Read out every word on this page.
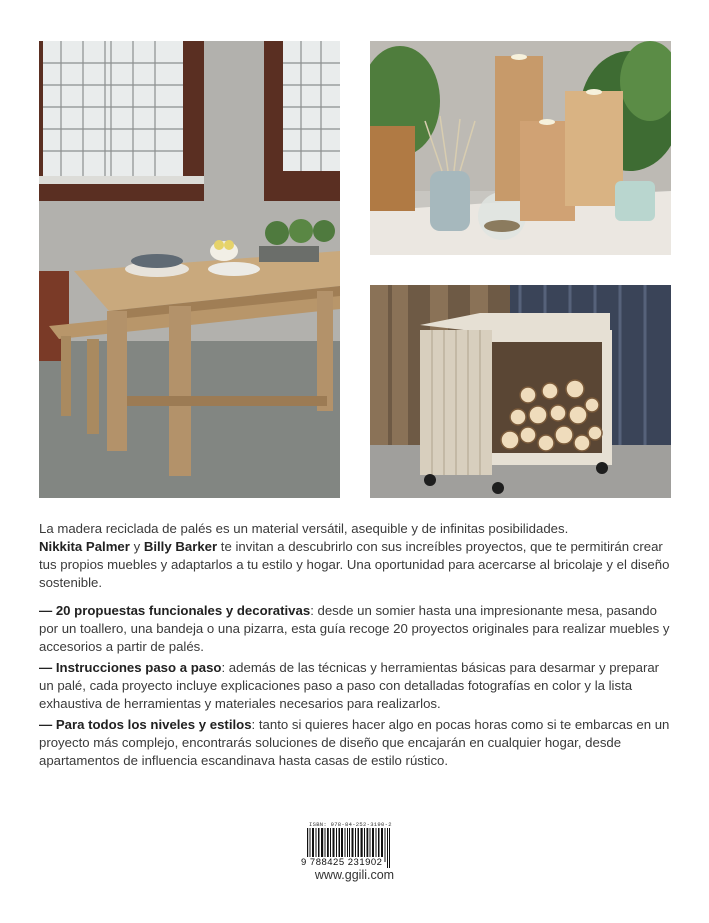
La madera reciclada de palés es un material versátil, asequible y de infinitas posibilidades.
Nikkita Palmer y Billy Barker te invitan a descubrirlo con sus increíbles proyectos, que te permitirán crear tus propios muebles y adaptarlos a tu estilo y hogar. Una oportunidad para acercarse al bricolaje y el diseño sostenible.

— 20 propuestas funcionales y decorativas: desde un somier hasta una impresionante mesa, pasando por un toallero, una bandeja o una pizarra, esta guía recoge 20 proyectos originales para realizar muebles y accesorios a partir de palés.

— Instrucciones paso a paso: además de las técnicas y herramientas básicas para desarmar y preparar un palé, cada proyecto incluye explicaciones paso a paso con detalladas fotografías en color y la lista exhaustiva de herramientas y materiales necesarios para realizarlos.

— Para todos los niveles y estilos: tanto si quieres hacer algo en pocas horas como si te embarcas en un proyecto más complejo, encontrarás soluciones de diseño que encajarán en cualquier hogar, desde apartamentos de influencia escandinava hasta casas de estilo rústico.

ISBN: 978-84-252-3190-2
9 788425 231902
www.ggili.com
